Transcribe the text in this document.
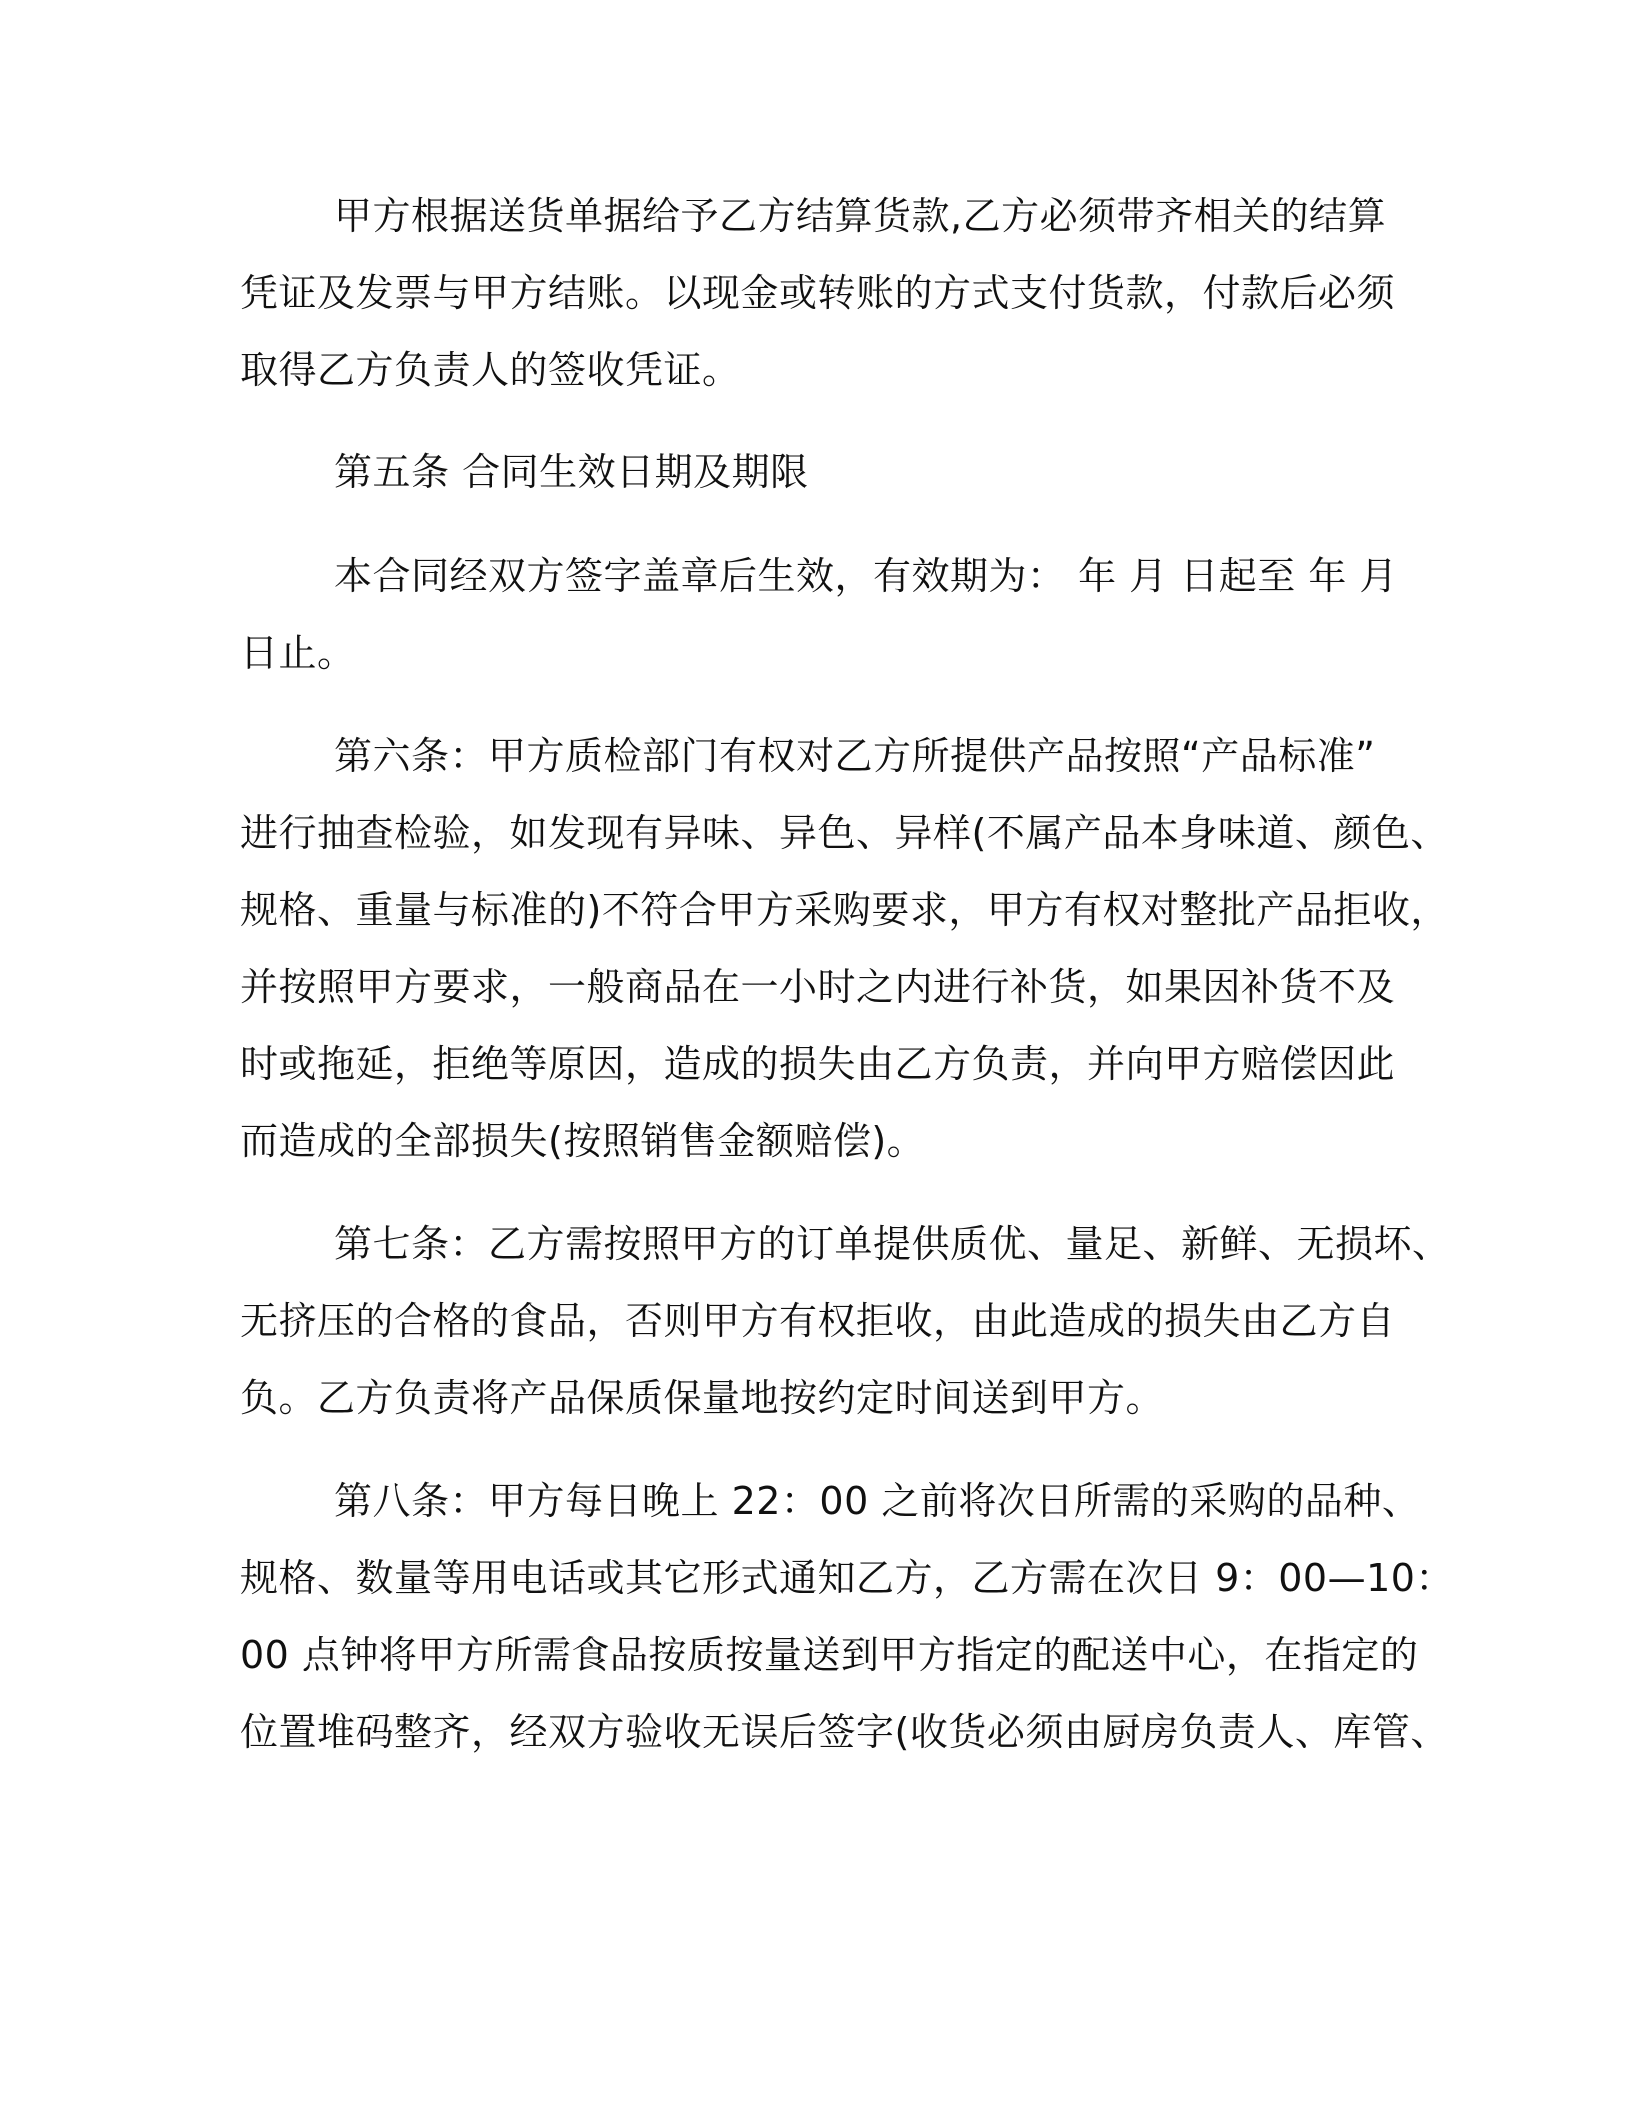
甲方根据送货单据给予乙方结算货款,乙方必须带齐相关的结算
凭证及发票与甲方结账。以现金或转账的方式支付货款，付款后必须
取得乙方负责人的签收凭证。
第五条 合同生效日期及期限
本合同经双方签字盖章后生效，有效期为： 年 月 日起至 年 月
日止。
第六条：甲方质检部门有权对乙方所提供产品按照“产品标准”
进行抽查检验，如发现有异味、异色、异样(不属产品本身味道、颜色、
规格、重量与标准的)不符合甲方采购要求，甲方有权对整批产品拒收，
并按照甲方要求，一般商品在一小时之内进行补货，如果因补货不及
时或拖延，拒绝等原因，造成的损失由乙方负责，并向甲方赔偿因此
而造成的全部损失(按照销售金额赔偿)。
第七条：乙方需按照甲方的订单提供质优、量足、新鲜、无损坏、
无挤压的合格的食品，否则甲方有权拒收，由此造成的损失由乙方自
负。乙方负责将产品保质保量地按约定时间送到甲方。
第八条：甲方每日晚上 22：00 之前将次日所需的采购的品种、
规格、数量等用电话或其它形式通知乙方，乙方需在次日 9：00—10：
00 点钟将甲方所需食品按质按量送到甲方指定的配送中心，在指定的
位置堆码整齐，经双方验收无误后签字(收货必须由厨房负责人、库管、
